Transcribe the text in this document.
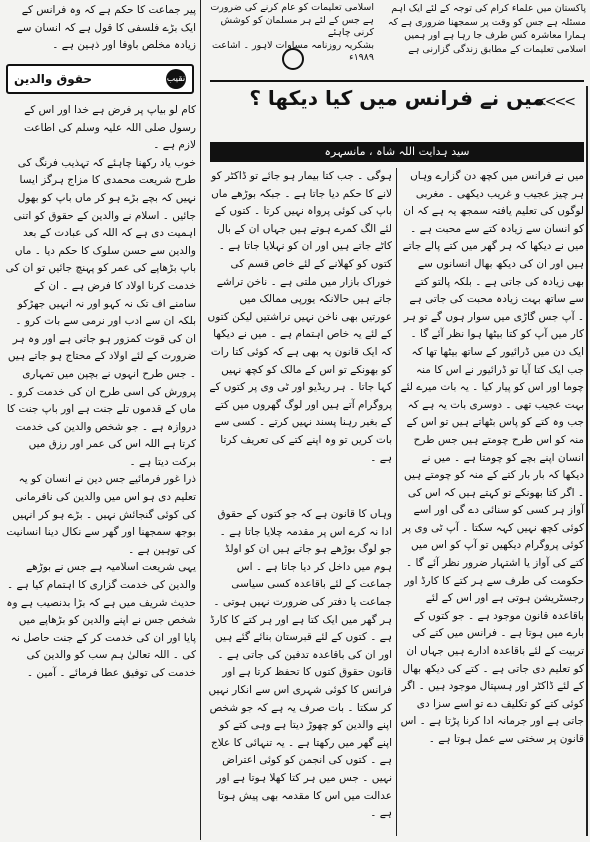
پیر جماعت کا حکم ہے کہ وہ فرانس کے ایک بڑے فلسفی کا قول ہے کہ انسان سے زیادہ مخلص باوفا اور ذہین ہے ۔
نقیب
حقوق والدین
کام لو بیاپ پر فرض ہے خدا اور اس کے رسول صلی اللہ علیہ وسلم کی اطاعت لازم ہے ۔
خوب یاد رکھنا چاہئے کہ تہذیب فرنگ کی طرح شریعت محمدی کا مزاج ہرگز ایسا نہیں کہ بچے بڑے ہو کر ماں باپ کو بھول جائیں ۔ اسلام نے والدین کے حقوق کو اتنی اہمیت دی ہے کہ اللہ کی عبادت کے بعد والدین سے حسن سلوک کا حکم دیا ۔ ماں باپ بڑھاپے کی عمر کو پہنچ جائیں تو ان کی خدمت کرنا اولاد کا فرض ہے ۔ ان کے سامنے اف تک نہ کہو اور نہ انہیں جھڑکو بلکہ ان سے ادب اور نرمی سے بات کرو ۔ ان کی قوت کمزور ہو جاتی ہے اور وہ ہر ضرورت کے لئے اولاد کے محتاج ہو جاتے ہیں ۔ جس طرح انہوں نے بچپن میں تمہاری پرورش کی اسی طرح ان کی خدمت کرو ۔ ماں کے قدموں تلے جنت ہے اور باپ جنت کا دروازہ ہے ۔ جو شخص والدین کی خدمت کرتا ہے اللہ اس کی عمر اور رزق میں برکت دیتا ہے ۔
ذرا غور فرمائیے جس دین نے انسان کو یہ تعلیم دی ہو اس میں والدین کی نافرمانی کی کوئی گنجائش نہیں ۔ بڑے ہو کر انہیں بوجھ سمجھنا اور گھر سے نکال دینا انسانیت کی توہین ہے ۔
یہی شریعت اسلامیہ ہے جس نے بوڑھے والدین کی خدمت گزاری کا اہتمام کیا ہے ۔
حدیث شریف میں ہے کہ بڑا بدنصیب ہے وہ شخص جس نے اپنے والدین کو بڑھاپے میں پایا اور ان کی خدمت کر کے جنت حاصل نہ کی ۔ اللہ تعالیٰ ہم سب کو والدین کی خدمت کی توفیق عطا فرمائے ۔ آمین ۔
اسلامی تعلیمات کو عام کرنے کی ضرورت ہے جس کے لئے ہر مسلمان کو کوشش کرنی چاہئے
بشکریہ روزنامہ مساوات لاہور ۔ اشاعت ۱۹۸۹ء
پاکستان میں علماء کرام کی توجہ کے لئے ایک اہم مسئلہ ہے جس کو وقت پر سمجھنا ضروری ہے کہ ہمارا معاشرہ کس طرف جا رہا ہے اور ہمیں اسلامی تعلیمات کے مطابق زندگی گزارنی ہے
میں نے فرانس میں کیا دیکھا ؟
<<<<
سید ہدایت اللہ شاہ ، مانسہرہ
میں نے فرانس میں کچھ دن گزارے وہاں ہر چیز عجیب و غریب دیکھی ۔ مغربی لوگوں کی تعلیم یافتہ سمجھ یہ ہے کہ ان کو انسان سے زیادہ کتے سے محبت ہے ۔ میں نے دیکھا کہ ہر گھر میں کتے پالے جاتے ہیں اور ان کی دیکھ بھال انسانوں سے بھی زیادہ کی جاتی ہے ۔ بلکہ پالتو کتے سے ساتھ بہت زیادہ محبت کی جاتی ہے ۔ آپ جس گاڑی میں سوار ہوں گے تو ہر کار میں آپ کو کتا بیٹھا ہوا نظر آئے گا ۔ ایک دن میں ڈرائیور کے ساتھ بیٹھا تھا کہ جب ایک کتا آیا تو ڈرائیور نے اس کا منہ چوما اور اس کو پیار کیا ۔ یہ بات میرے لئے بہت عجیب تھی ۔ دوسری بات یہ ہے کہ جب وہ کتے کو پاس بٹھاتے ہیں تو اس کے منہ کو اس طرح چومتے ہیں جس طرح انسان اپنے بچے کو چومتا ہے ۔ میں نے دیکھا کہ بار بار کتے کے منہ کو چومتے ہیں ۔ اگر کتا بھونکے تو کہتے ہیں کہ اس کی آواز ہر کسی کو سنائی دے گی اور اسے کوئی کچھ نہیں کہہ سکتا ۔ آپ ٹی وی پر کوئی پروگرام دیکھیں تو آپ کو اس میں کتے کی آواز یا اشتہار ضرور نظر آئے گا ۔ حکومت کی طرف سے ہر کتے کا کارڈ اور رجسٹریشن ہوتی ہے اور اس کے لئے باقاعدہ قانون موجود ہے ۔ جو کتوں کے بارے میں ہوتا ہے ۔ فرانس میں کتے کی تربیت کے لئے باقاعدہ ادارے ہیں جہاں ان کو تعلیم دی جاتی ہے ۔ کتے کی دیکھ بھال کے لئے ڈاکٹر اور ہسپتال موجود ہیں ۔ اگر کوئی کتے کو تکلیف دے تو اسے سزا دی جاتی ہے اور جرمانہ ادا کرنا پڑتا ہے ۔ اس قانون پر سختی سے عمل ہوتا ہے ۔
ہوگی ۔ جب کتا بیمار ہو جائے تو ڈاکٹر کو لانے کا حکم دیا جاتا ہے ۔ جبکہ بوڑھے ماں باپ کی کوئی پرواہ نہیں کرتا ۔ کتوں کے لئے الگ کمرے ہوتے ہیں جہاں ان کے بال کاٹے جاتے ہیں اور ان کو نہلایا جاتا ہے ۔ کتوں کو کھلانے کے لئے خاص قسم کی خوراک بازار میں ملتی ہے ۔ ناخن تراشے جاتے ہیں حالانکہ یورپی ممالک میں عورتیں بھی ناخن نہیں تراشتیں لیکن کتوں کے لئے یہ خاص اہتمام ہے ۔ میں نے دیکھا کہ ایک قانون یہ بھی ہے کہ کوئی کتا رات کو بھونکے تو اس کے مالک کو کچھ نہیں کہا جاتا ۔ ہر ریڈیو اور ٹی وی پر کتوں کے پروگرام آتے ہیں اور لوگ گھروں میں کتے کے بغیر رہنا پسند نہیں کرتے ۔ کسی سے بات کریں تو وہ اپنے کتے کی تعریف کرتا ہے ۔
وہاں کا قانون ہے کہ جو کتوں کے حقوق ادا نہ کرے اس پر مقدمہ چلایا جاتا ہے ۔ جو لوگ بوڑھے ہو جاتے ہیں ان کو اولڈ ہوم میں داخل کر دیا جاتا ہے ۔ اس جماعت کے لئے باقاعدہ کسی سیاسی جماعت یا دفتر کی ضرورت نہیں ہوتی ۔ ہر گھر میں ایک کتا ہے اور ہر کتے کا کارڈ ہے ۔ کتوں کے لئے قبرستان بنائے گئے ہیں اور ان کی باقاعدہ تدفین کی جاتی ہے ۔ قانون حقوق کتوں کا تحفظ کرتا ہے اور فرانس کا کوئی شہری اس سے انکار نہیں کر سکتا ۔ بات صرف یہ ہے کہ جو شخص اپنے والدین کو چھوڑ دیتا ہے وہی کتے کو اپنے گھر میں رکھتا ہے ۔ یہ تنہائی کا علاج ہے ۔ کتوں کی انجمن کو کوئی اعتراض نہیں ۔ جس میں ہر کتا کھلا ہوتا ہے اور عدالت میں اس کا مقدمہ بھی پیش ہوتا ہے ۔
